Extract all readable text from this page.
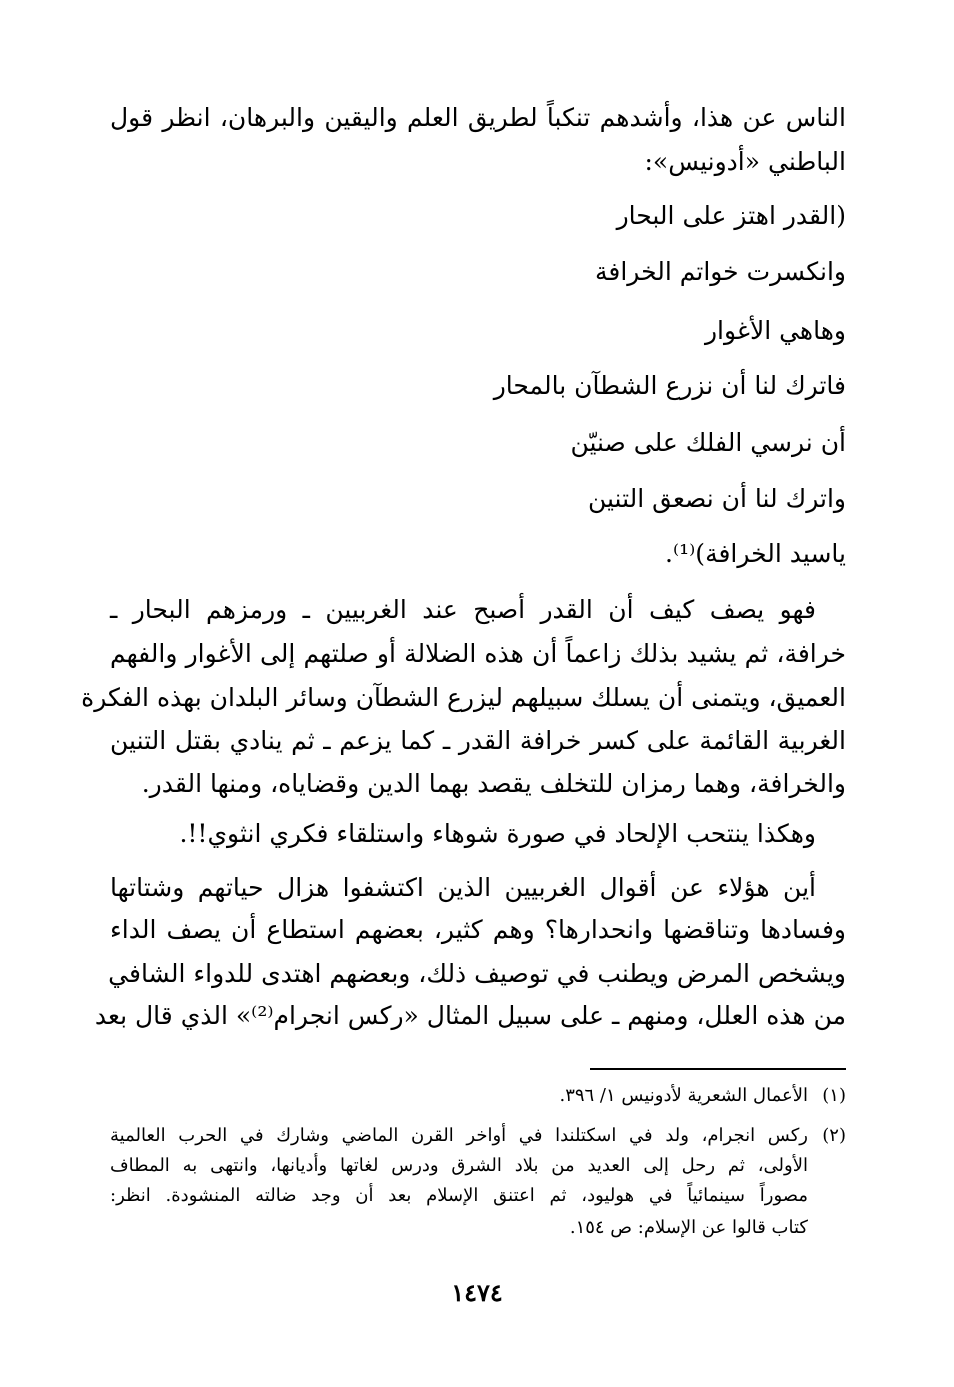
الناس عن هذا، وأشدهم تنكباً لطريق العلم واليقين والبرهان، انظر قول
الباطني «أدونيس»:
(القدر اهتز على البحار
وانكسرت خواتم الخرافة
وهاهي الأغوار
فاترك لنا أن نزرع الشطآن بالمحار
أن نرسي الفلك على صنيّن
واترك لنا أن نصعق التنين
ياسيد الخرافة)⁽¹⁾.
فهو يصف كيف أن القدر أصبح عند الغربيين ـ ورمزهم البحار ـ
خرافة، ثم يشيد بذلك زاعماً أن هذه الضلالة أو صلتهم إلى الأغوار والفهم
العميق، ويتمنى أن يسلك سبيلهم ليزرع الشطآن وسائر البلدان بهذه الفكرة
الغربية القائمة على كسر خرافة القدر ـ كما يزعم ـ ثم ينادي بقتل التنين
والخرافة، وهما رمزان للتخلف يقصد بهما الدين وقضاياه، ومنها القدر.
وهكذا ينتحب الإلحاد في صورة شوهاء واستلقاء فكري انثوي!!.
أين هؤلاء عن أقوال الغربيين الذين اكتشفوا هزال حياتهم وشتاتها
وفسادها وتناقضها وانحدارها؟ وهم كثير، بعضهم استطاع أن يصف الداء
ويشخص المرض ويطنب في توصيف ذلك، وبعضهم اهتدى للدواء الشافي
من هذه العلل، ومنهم ـ على سبيل المثال «ركس انجرام⁽²⁾» الذي قال بعد
(١)الأعمال الشعرية لأدونيس ١/ ٣٩٦.
(٢)ركس انجرام، ولد في اسكتلندا في أواخر القرن الماضي وشارك في الحرب العالمية
الأولى، ثم رحل إلى العديد من بلاد الشرق ودرس لغاتها وأديانها، وانتهى به المطاف
مصوراً سينمائياً في هوليود، ثم اعتنق الإسلام بعد أن وجد ضالته المنشودة. انظر:
كتاب قالوا عن الإسلام: ص ١٥٤.
١٤٧٤
